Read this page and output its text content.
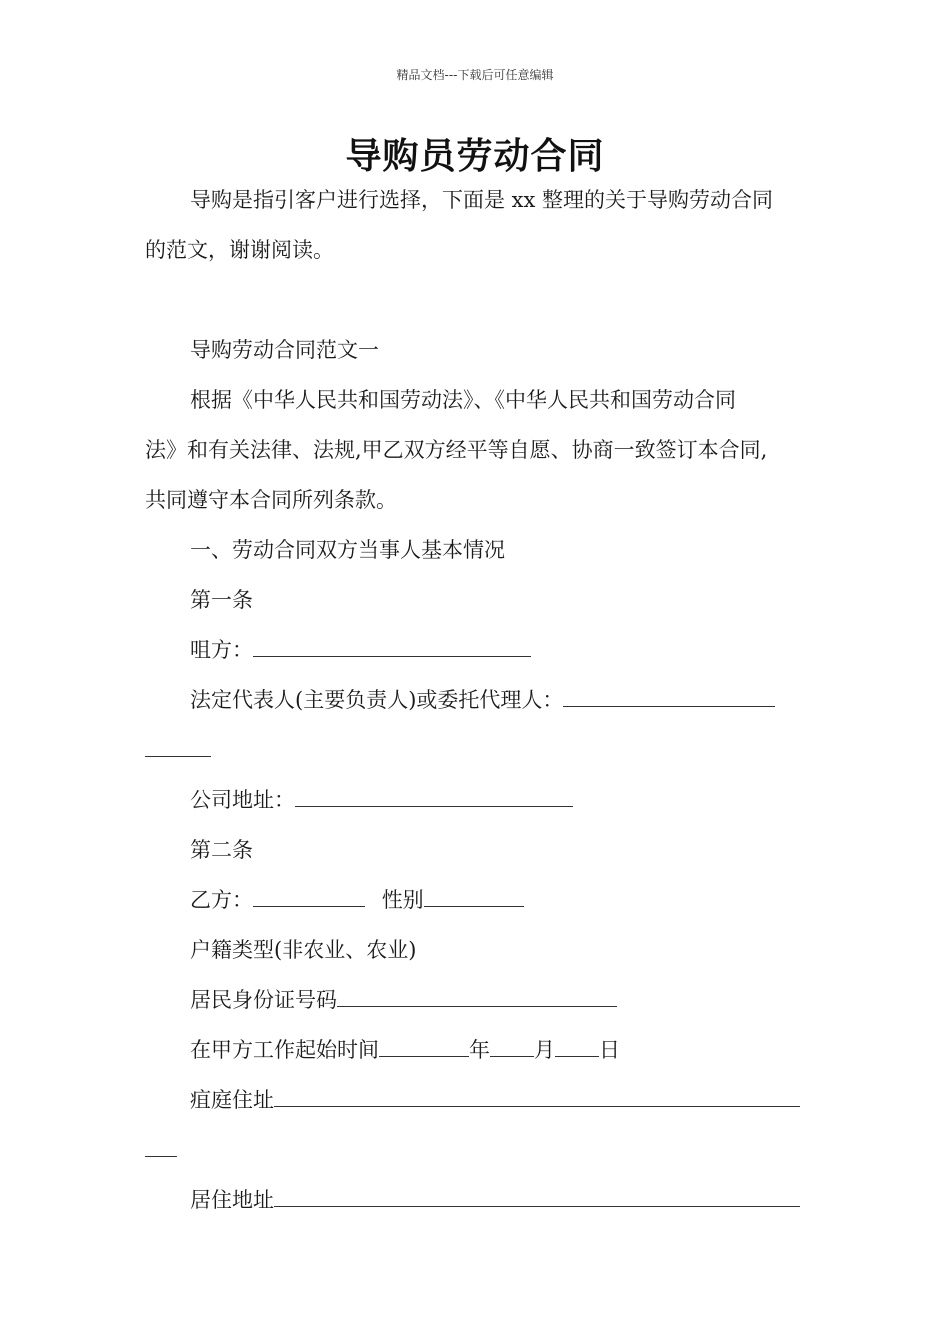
精品文档---下载后可任意编辑
导购员劳动合同
导购是指引客户进行选择，下面是 xx 整理的关于导购劳动合同
的范文，谢谢阅读。
导购劳动合同范文一
根据《中华人民共和国劳动法》、《中华人民共和国劳动合同
法》和有关法律、法规,甲乙双方经平等自愿、协商一致签订本合同,
共同遵守本合同所列条款。
一、劳动合同双方当事人基本情况
第一条
咀方：
法定代表人(主要负责人)或委托代理人：
公司地址：
第二条
乙方：	性别
户籍类型(非农业、农业)
居民身份证号码
在甲方工作起始时间	年 月 日
疽庭住址
居住地址
